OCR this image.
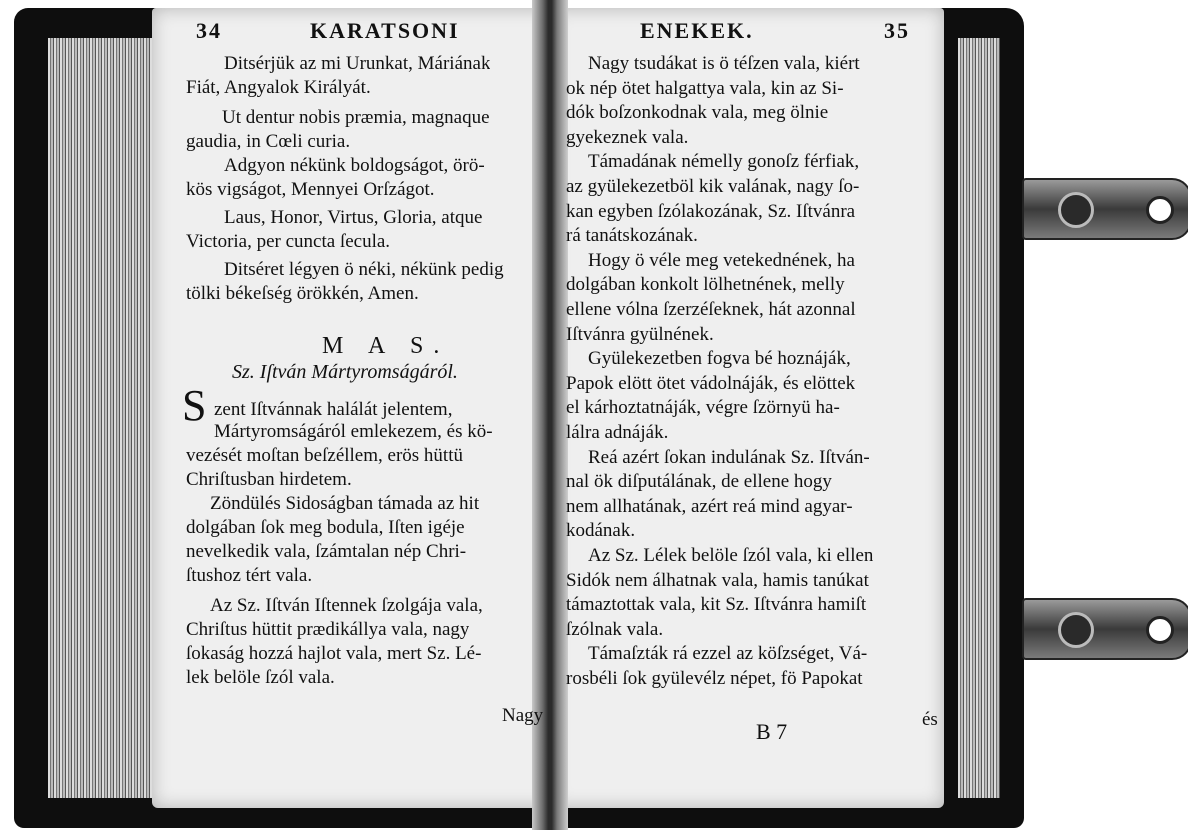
34	KARATSONI	ENEKEK.	35
Ditsérjük az mi Urunkat, Máriának
Fiát, Angyalok Királyát.
Ut dentur nobis præmia, magnaque
gaudia, in Cœli curia.
Adgyon nékünk boldogságot, örö-
kös vigságot, Mennyei Orſzágot.
Laus, Honor, Virtus, Gloria, atque
Victoria, per cuncta ſecula.
Ditséret légyen ö néki, nékünk pedig
tölki békeſség örökkén, Amen.
zent Iſtvánnak halálát jelentem,
Mártyromságáról emlekezem, és kö-
vezését moſtan beſzéllem, erös hüttü
Chriſtusban hirdetem.
Zöndülés Sidoságban támada az hit
dolgában ſok meg bodula, Iſten igéje
nevelkedik vala, ſzámtalan nép Chri-
ſtushoz tért vala.
Az Sz. Iſtván Iſtennek ſzolgája vala,
Chriſtus hüttit prædikállya vala, nagy
ſokaság hozzá hajlot vala, mert Sz. Lé-
lek belöle ſzól vala.
Nagy tsudákat is ö téſzen vala, kiért
ok nép ötet halgattya vala, kin az Si-
dók boſzonkodnak vala, meg ölnie
gyekeznek vala.
Támadának némelly gonoſz férfiak,
az gyülekezetböl kik valának, nagy ſo-
kan egyben ſzólakozának, Sz. Iſtvánra
rá tanátskozának.
Hogy ö véle meg vetekednének, ha
dolgában konkolt lölhetnének, melly
ellene vólna ſzerzéſeknek, hát azonnal
Iſtvánra gyülnének.
Gyülekezetben fogva bé hoznáják,
Papok elött ötet vádolnáják, és elöttek
el kárhoztatnáják, végre ſzörnyü ha-
lálra adnáják.
Reá azért ſokan indulának Sz. Iſtván-
nal ök diſputálának, de ellene hogy
nem allhatának, azért reá mind agyar-
kodának.
Az Sz. Lélek belöle ſzól vala, ki ellen
Sidók nem álhatnak vala, hamis tanúkat
támaztottak vala, kit Sz. Iſtvánra hamiſt
ſzólnak vala.
Támaſzták rá ezzel az köſzséget, Vá-
rosbéli ſok gyülevélz népet, fö Papokat
M A S.
Sz. Iſtván Mártyromságáról.
S
Nagy
B 7	és
